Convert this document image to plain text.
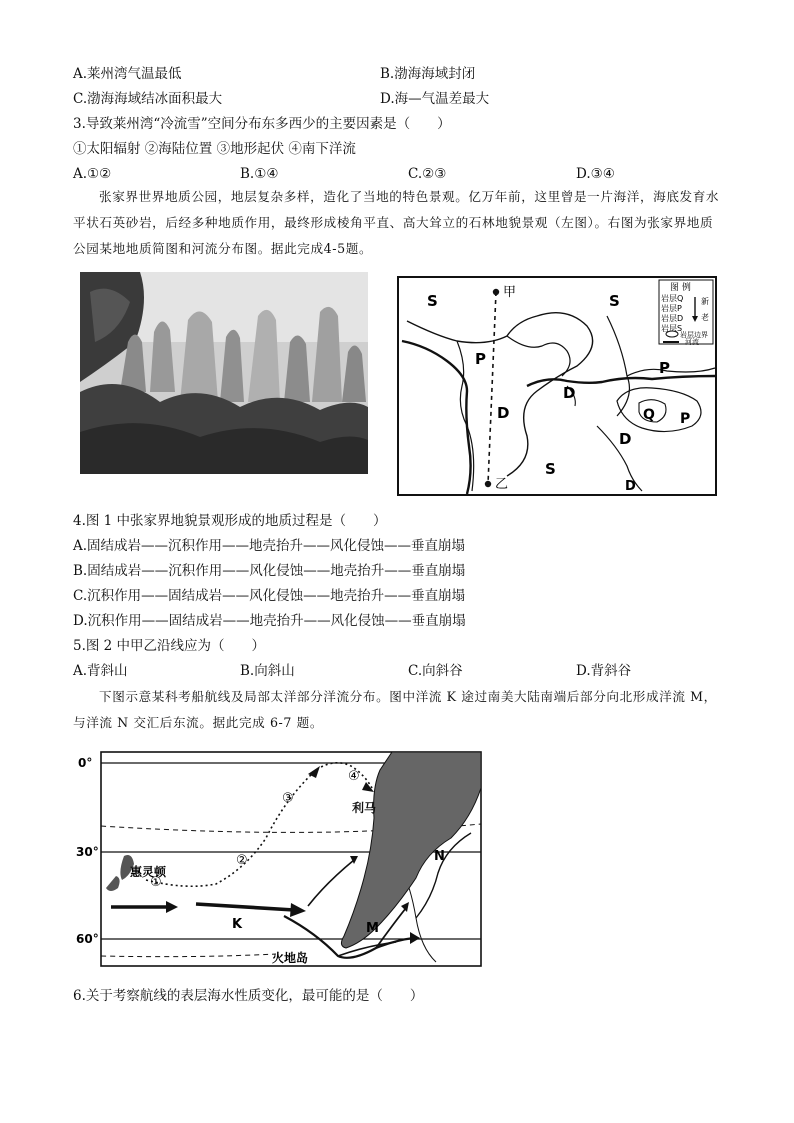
A.莱州湾气温最低	B.渤海海域封闭
C.渤海海域结冰面积最大	D.海—气温差最大
3.导致莱州湾“冷流雪”空间分布东多西少的主要因素是（　　）
①太阳辐射 ②海陆位置 ③地形起伏 ④南下洋流
A.①②	B.①④	C.②③	D.③④
张家界世界地质公园，地层复杂多样，造化了当地的特色景观。亿万年前，这里曾是一片海洋，海底发育水平状石英砂岩，后经多种地质作用，最终形成棱角平直、高大耸立的石林地貌景观（左图）。右图为张家界地质公园某地地质简图和河流分布图。据此完成4-5题。
甲
乙
S	S
P
D
D
D
S
P
Q P
D
图 例
岩层Q
岩层P
岩层D
岩层S
新
老
岩层边界
河流
4.图 1 中张家界地貌景观形成的地质过程是（　　）
A.固结成岩——沉积作用——地壳抬升——风化侵蚀——垂直崩塌
B.固结成岩——沉积作用——风化侵蚀——地壳抬升——垂直崩塌
C.沉积作用——固结成岩——风化侵蚀——地壳抬升——垂直崩塌
D.沉积作用——固结成岩——地壳抬升——风化侵蚀——垂直崩塌
5.图 2 中甲乙沿线应为（　　）
A.背斜山	B.向斜山	C.向斜谷	D.背斜谷
下图示意某科考船航线及局部太洋部分洋流分布。图中洋流 K 途过南美大陆南端后部分向北形成洋流 M，与洋流 N 交汇后东流。据此完成 6-7 题。
0°
30°
60°
①
②
③
④
惠灵顿
利马
火地岛
K	M
N
6.关于考察航线的表层海水性质变化，最可能的是（　　）
